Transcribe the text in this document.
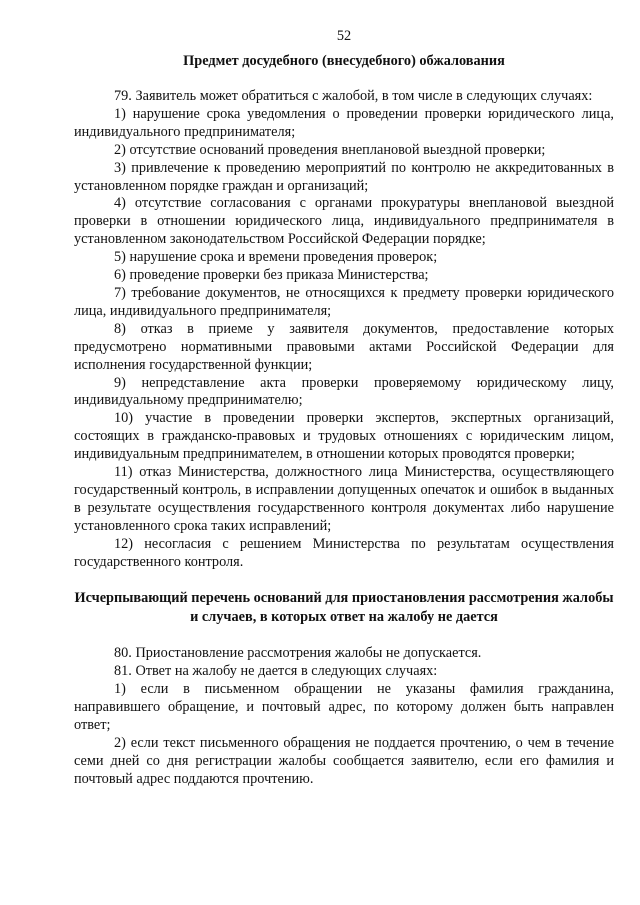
52
Предмет досудебного (внесудебного) обжалования

79. Заявитель может обратиться с жалобой, в том числе в следующих случаях:

1) нарушение срока уведомления о проведении проверки юридического лица, индивидуального предпринимателя;

2) отсутствие оснований проведения внеплановой выездной проверки;

3) привлечение к проведению мероприятий по контролю не аккредитованных в установленном порядке граждан и организаций;

4) отсутствие согласования с органами прокуратуры внеплановой выездной проверки в отношении юридического лица, индивидуального предпринимателя в установленном законодательством Российской Федерации порядке;

5) нарушение срока и времени проведения проверок;

6) проведение проверки без приказа Министерства;

7) требование документов, не относящихся к предмету проверки юридического лица, индивидуального предпринимателя;

8) отказ в приеме у заявителя документов, предоставление которых предусмотрено нормативными правовыми актами Российской Федерации для исполнения государственной функции;

9) непредставление акта проверки проверяемому юридическому лицу, индивидуальному предпринимателю;

10) участие в проведении проверки экспертов, экспертных организаций, состоящих в гражданско-правовых и трудовых отношениях с юридическим лицом, индивидуальным предпринимателем, в отношении которых проводятся проверки;

11) отказ Министерства, должностного лица Министерства, осуществляющего государственный контроль, в исправлении допущенных опечаток и ошибок в выданных в результате осуществления государственного контроля документах либо нарушение установленного срока таких исправлений;

12) несогласия с решением Министерства по результатам осуществления государственного контроля.

Исчерпывающий перечень оснований для приостановления рассмотрения жалобы и случаев, в которых ответ на жалобу не дается

80. Приостановление рассмотрения жалобы не допускается.

81. Ответ на жалобу не дается в следующих случаях:

1) если в письменном обращении не указаны фамилия гражданина, направившего обращение, и почтовый адрес, по которому должен быть направлен ответ;

2) если текст письменного обращения не поддается прочтению, о чем в течение семи дней со дня регистрации жалобы сообщается заявителю, если его фамилия и почтовый адрес поддаются прочтению.
